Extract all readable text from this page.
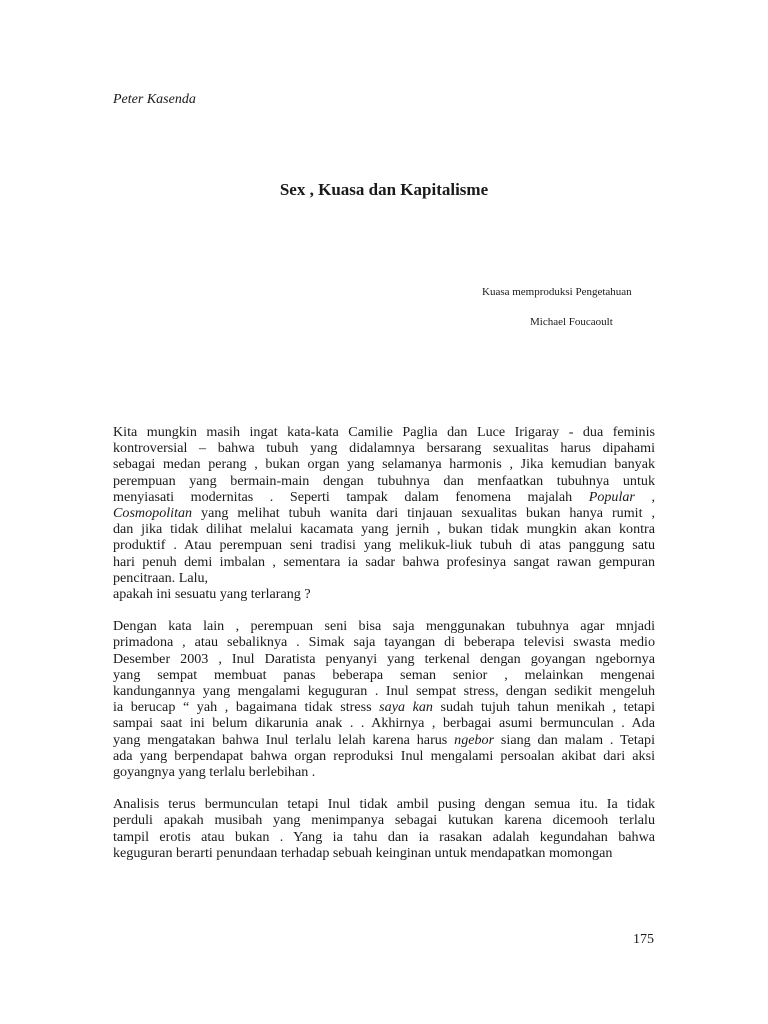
Peter Kasenda
Sex , Kuasa dan Kapitalisme
Kuasa memproduksi Pengetahuan
Michael Foucaoult

Kita mungkin masih ingat kata-kata Camilie Paglia dan Luce Irigaray - dua feminis
kontroversial – bahwa tubuh yang didalamnya bersarang sexualitas harus dipahami
sebagai medan perang , bukan organ yang selamanya harmonis , Jika kemudian banyak
perempuan yang bermain-main dengan tubuhnya dan menfaatkan tubuhnya untuk
menyiasati modernitas . Seperti tampak dalam fenomena majalah Popular ,
Cosmopolitan yang melihat tubuh wanita dari tinjauan sexualitas bukan hanya rumit ,
dan jika tidak dilihat melalui kacamata yang jernih , bukan tidak mungkin akan kontra
produktif . Atau perempuan seni tradisi yang melikuk-liuk tubuh di atas panggung satu
hari penuh demi imbalan , sementara ia sadar bahwa profesinya sangat rawan gempuran
pencitraan. Lalu,
apakah ini sesuatu yang terlarang ?

Dengan kata lain , perempuan seni bisa saja menggunakan tubuhnya agar mnjadi
primadona , atau sebaliknya . Simak saja tayangan di beberapa televisi swasta medio
Desember 2003 , Inul Daratista penyanyi yang terkenal dengan goyangan ngebornya
yang sempat membuat panas beberapa seman senior , melainkan mengenai
kandungannya yang mengalami keguguran . Inul sempat stress, dengan sedikit mengeluh
ia berucap “ yah , bagaimana tidak stress saya kan sudah tujuh tahun menikah , tetapi
sampai saat ini belum dikarunia anak . . Akhirnya , berbagai asumi bermunculan . Ada
yang mengatakan bahwa Inul terlalu lelah karena harus ngebor siang dan malam . Tetapi
ada yang berpendapat bahwa organ reproduksi Inul mengalami persoalan akibat dari aksi
goyangnya yang terlalu berlebihan .

Analisis terus bermunculan tetapi Inul tidak ambil pusing dengan semua itu. Ia tidak
perduli apakah musibah yang menimpanya sebagai kutukan karena dicemooh terlalu
tampil erotis atau bukan . Yang ia tahu dan ia rasakan adalah kegundahan bahwa
keguguran berarti penundaan terhadap sebuah keinginan untuk mendapatkan momongan

175
